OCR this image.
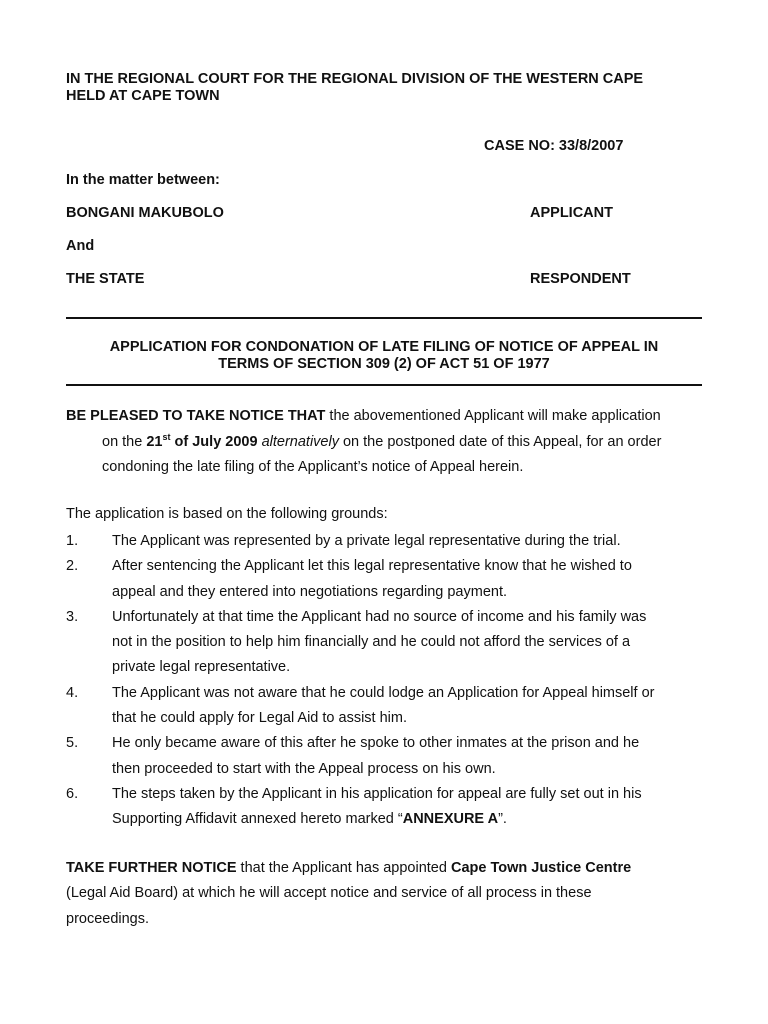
IN THE REGIONAL COURT FOR THE REGIONAL DIVISION OF THE WESTERN CAPE
HELD AT CAPE TOWN
CASE NO: 33/8/2007
In the matter between:
BONGANI MAKUBOLO	APPLICANT
And
THE STATE	RESPONDENT
APPLICATION FOR CONDONATION OF LATE FILING OF NOTICE OF APPEAL IN
TERMS OF SECTION 309 (2) OF ACT 51 OF 1977
BE PLEASED TO TAKE NOTICE THAT the abovementioned Applicant will make application
on the 21st of July 2009 alternatively on the postponed date of this Appeal, for an order
condoning the late filing of the Applicant’s notice of Appeal herein.
The application is based on the following grounds:
1.	The Applicant was represented by a private legal representative during the trial.
2.	After sentencing the Applicant let this legal representative know that he wished to
appeal and they entered into negotiations regarding payment.
3.	Unfortunately at that time the Applicant had no source of income and his family was
not in the position to help him financially and he could not afford the services of a
private legal representative.
4.	The Applicant was not aware that he could lodge an Application for Appeal himself or
that he could apply for Legal Aid to assist him.
5.	He only became aware of this after he spoke to other inmates at the prison and he
then proceeded to start with the Appeal process on his own.
6.	The steps taken by the Applicant in his application for appeal are fully set out in his
Supporting Affidavit annexed hereto marked “ANNEXURE A”.
TAKE FURTHER NOTICE that the Applicant has appointed Cape Town Justice Centre
(Legal Aid Board) at which he will accept notice and service of all process in these
proceedings.
